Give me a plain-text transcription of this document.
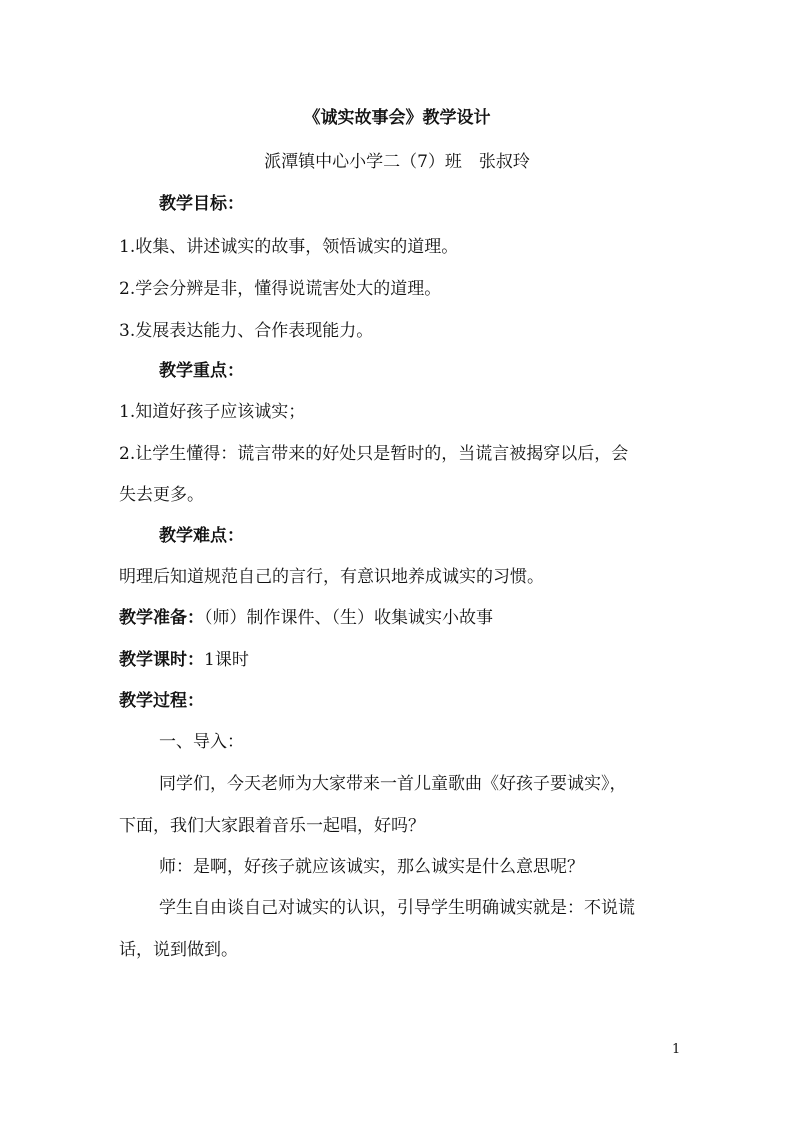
《诚实故事会》教学设计
派潭镇中心小学二（7）班　张叔玲
教学目标：
1.收集、讲述诚实的故事，领悟诚实的道理。
2.学会分辨是非，懂得说谎害处大的道理。
3.发展表达能力、合作表现能力。
教学重点：
1.知道好孩子应该诚实；
2.让学生懂得：谎言带来的好处只是暂时的，当谎言被揭穿以后，会
失去更多。
教学难点：
明理后知道规范自己的言行，有意识地养成诚实的习惯。
教学准备：（师）制作课件、（生）收集诚实小故事
教学课时：1课时
教学过程：
一、导入：
同学们，今天老师为大家带来一首儿童歌曲《好孩子要诚实》，
下面，我们大家跟着音乐一起唱，好吗？
师：是啊，好孩子就应该诚实，那么诚实是什么意思呢？
学生自由谈自己对诚实的认识，引导学生明确诚实就是：不说谎
话，说到做到。
1
